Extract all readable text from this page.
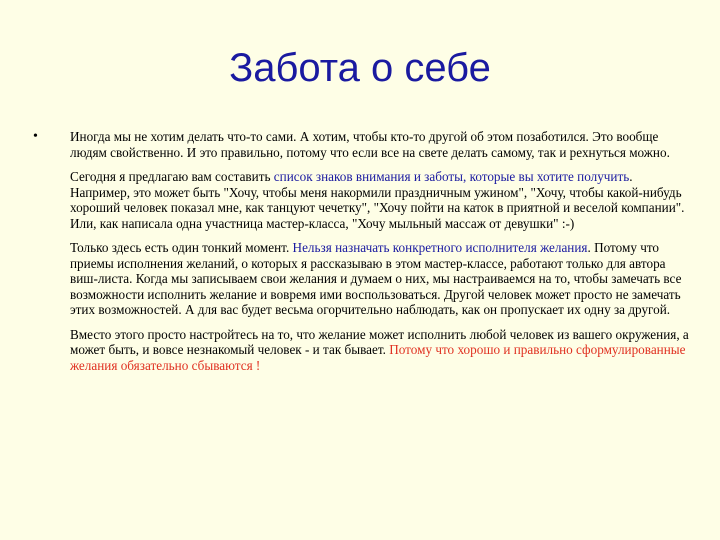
Забота о себе
• Иногда мы не хотим делать что-то сами. А хотим, чтобы кто-то другой об этом позаботился. Это вообще людям свойственно. И это правильно, потому что если все на свете делать самому, так и рехнуться можно.

Сегодня я предлагаю вам составить список знаков внимания и заботы, которые вы хотите получить. Например, это может быть "Хочу, чтобы меня накормили праздничным ужином", "Хочу, чтобы какой-нибудь хороший человек показал мне, как танцуют чечетку", "Хочу пойти на каток в приятной и веселой компании". Или, как написала одна участница мастер-класса, "Хочу мыльный массаж от девушки" :-)

Только здесь есть один тонкий момент. Нельзя назначать конкретного исполнителя желания. Потому что приемы исполнения желаний, о которых я рассказываю в этом мастер-классе, работают только для автора виш-листа. Когда мы записываем свои желания и думаем о них, мы настраиваемся на то, чтобы замечать все возможности исполнить желание и вовремя ими воспользоваться. Другой человек может просто не замечать этих возможностей. А для вас будет весьма огорчительно наблюдать, как он пропускает их одну за другой.

Вместо этого просто настройтесь на то, что желание может исполнить любой человек из вашего окружения, а может быть, и вовсе незнакомый человек - и так бывает. Потому что хорошо и правильно сформулированные желания обязательно сбываются !
